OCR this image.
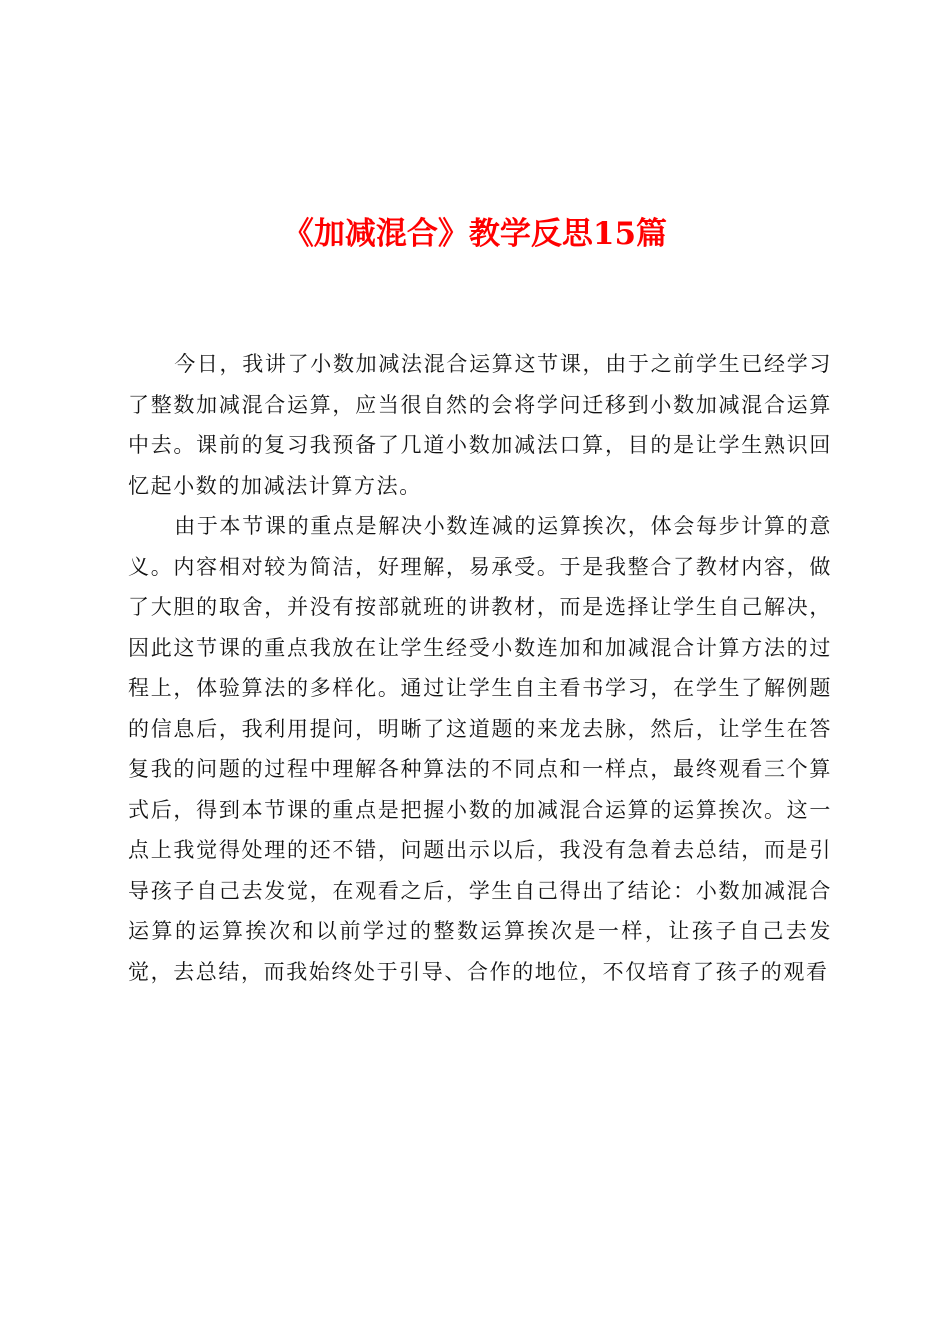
《加减混合》教学反思15篇

今日，我讲了小数加减法混合运算这节课，由于之前学生已经学习了整数加减混合运算，应当很自然的会将学问迁移到小数加减混合运算中去。课前的复习我预备了几道小数加减法口算，目的是让学生熟识回忆起小数的加减法计算方法。

由于本节课的重点是解决小数连减的运算挨次，体会每步计算的意义。内容相对较为简洁，好理解，易承受。于是我整合了教材内容，做了大胆的取舍，并没有按部就班的讲教材，而是选择让学生自己解决，因此这节课的重点我放在让学生经受小数连加和加减混合计算方法的过程上，体验算法的多样化。通过让学生自主看书学习，在学生了解例题的信息后，我利用提问，明晰了这道题的来龙去脉，然后，让学生在答复我的问题的过程中理解各种算法的不同点和一样点，最终观看三个算式后，得到本节课的重点是把握小数的加减混合运算的运算挨次。这一点上我觉得处理的还不错，问题出示以后，我没有急着去总结，而是引导孩子自己去发觉，在观看之后，学生自己得出了结论：小数加减混合运算的运算挨次和以前学过的整数运算挨次是一样，让孩子自己去发觉，去总结，而我始终处于引导、合作的地位，不仅培育了孩子的观看
